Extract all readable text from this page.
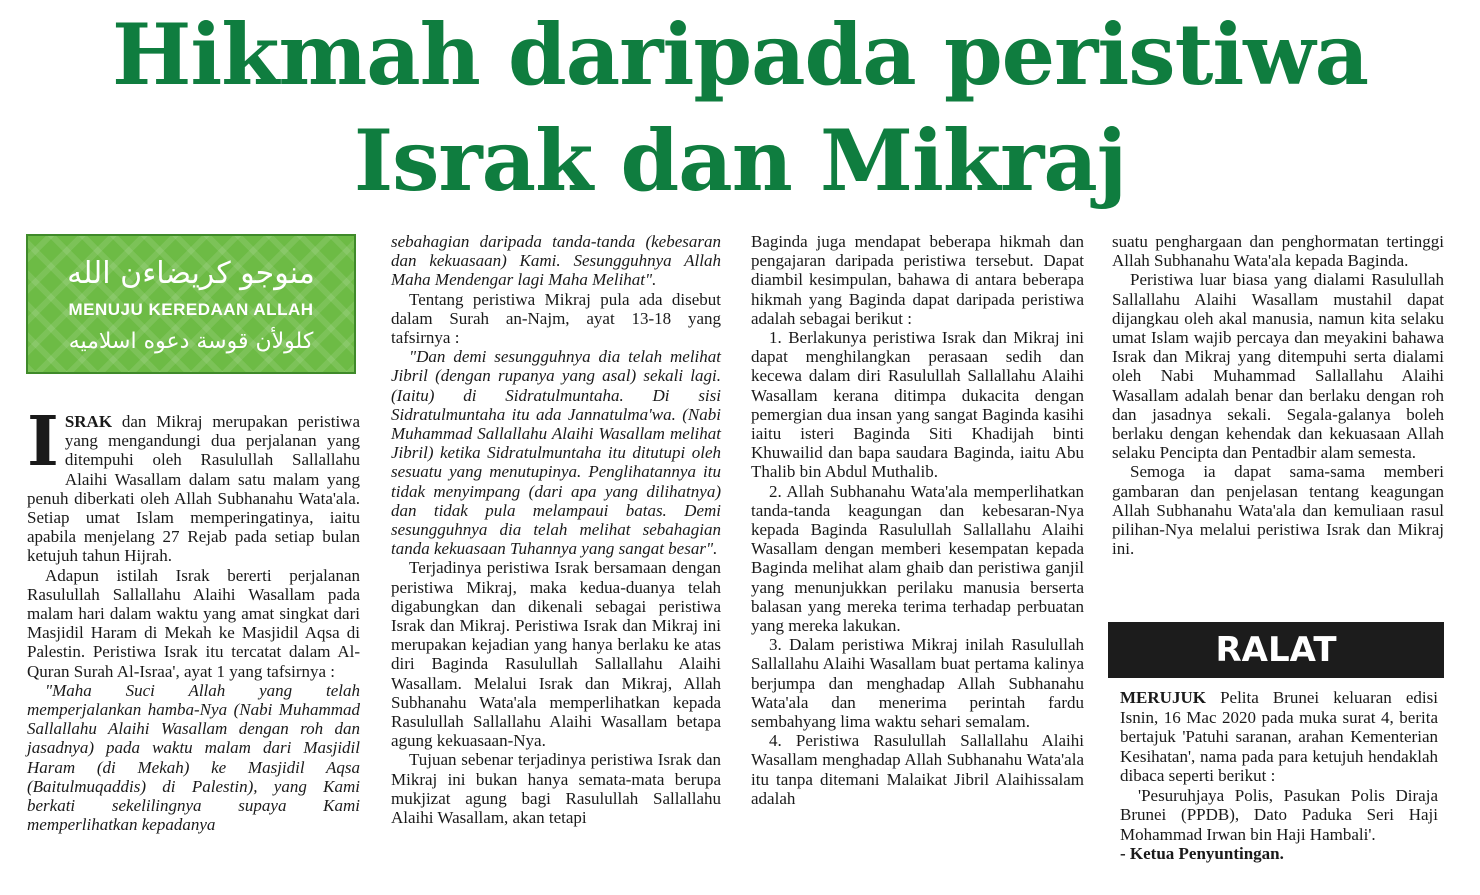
Hikmah daripada peristiwa
Israk dan Mikraj
منوجو كريضاءن الله
MENUJU KEREDAAN ALLAH
كلولأن قوسة دعوه اسلاميه

ISRAK dan Mikraj merupakan peristiwa yang mengandungi dua perjalanan yang ditempuhi oleh Rasulullah Sallallahu Alaihi Wasallam dalam satu malam yang penuh diberkati oleh Allah Subhanahu Wata'ala. Setiap umat Islam memperingatinya, iaitu apabila menjelang 27 Rejab pada setiap bulan ketujuh tahun Hijrah.

Adapun istilah Israk bererti perjalanan Rasulullah Sallallahu Alaihi Wasallam pada malam hari dalam waktu yang amat singkat dari Masjidil Haram di Mekah ke Masjidil Aqsa di Palestin. Peristiwa Israk itu tercatat dalam Al-Quran Surah Al-Israa', ayat 1 yang tafsirnya :

"Maha Suci Allah yang telah memperjalankan hamba-Nya (Nabi Muhammad Sallallahu Alaihi Wasallam dengan roh dan jasadnya) pada waktu malam dari Masjidil Haram (di Mekah) ke Masjidil Aqsa (Baitulmuqaddis) di Palestin), yang Kami berkati sekelilingnya supaya Kami memperlihatkan kepadanya

sebahagian daripada tanda-tanda (kebesaran dan kekuasaan) Kami. Sesungguhnya Allah Maha Mendengar lagi Maha Melihat".

Tentang peristiwa Mikraj pula ada disebut dalam Surah an-Najm, ayat 13-18 yang tafsirnya :

"Dan demi sesungguhnya dia telah melihat Jibril (dengan rupanya yang asal) sekali lagi. (Iaitu) di Sidratulmuntaha. Di sisi Sidratulmuntaha itu ada Jannatulma'wa. (Nabi Muhammad Sallallahu Alaihi Wasallam melihat Jibril) ketika Sidratulmuntaha itu ditutupi oleh sesuatu yang menutupinya. Penglihatannya itu tidak menyimpang (dari apa yang dilihatnya) dan tidak pula melampaui batas. Demi sesungguhnya dia telah melihat sebahagian tanda kekuasaan Tuhannya yang sangat besar".

Terjadinya peristiwa Israk bersamaan dengan peristiwa Mikraj, maka kedua-duanya telah digabungkan dan dikenali sebagai peristiwa Israk dan Mikraj. Peristiwa Israk dan Mikraj ini merupakan kejadian yang hanya berlaku ke atas diri Baginda Rasulullah Sallallahu Alaihi Wasallam. Melalui Israk dan Mikraj, Allah Subhanahu Wata'ala memperlihatkan kepada Rasulullah Sallallahu Alaihi Wasallam betapa agung kekuasaan-Nya.

Tujuan sebenar terjadinya peristiwa Israk dan Mikraj ini bukan hanya semata-mata berupa mukjizat agung bagi Rasulullah Sallallahu Alaihi Wasallam, akan tetapi

Baginda juga mendapat beberapa hikmah dan pengajaran daripada peristiwa tersebut. Dapat diambil kesimpulan, bahawa di antara beberapa hikmah yang Baginda dapat daripada peristiwa adalah sebagai berikut :

1. Berlakunya peristiwa Israk dan Mikraj ini dapat menghilangkan perasaan sedih dan kecewa dalam diri Rasulullah Sallallahu Alaihi Wasallam kerana ditimpa dukacita dengan pemergian dua insan yang sangat Baginda kasihi iaitu isteri Baginda Siti Khadijah binti Khuwailid dan bapa saudara Baginda, iaitu Abu Thalib bin Abdul Muthalib.

2. Allah Subhanahu Wata'ala memperlihatkan tanda-tanda keagungan dan kebesaran-Nya kepada Baginda Rasulullah Sallallahu Alaihi Wasallam dengan memberi kesempatan kepada Baginda melihat alam ghaib dan peristiwa ganjil yang menunjukkan perilaku manusia berserta balasan yang mereka terima terhadap perbuatan yang mereka lakukan.

3. Dalam peristiwa Mikraj inilah Rasulullah Sallallahu Alaihi Wasallam buat pertama kalinya berjumpa dan menghadap Allah Subhanahu Wata'ala dan menerima perintah fardu sembahyang lima waktu sehari semalam.

4. Peristiwa Rasulullah Sallallahu Alaihi Wasallam menghadap Allah Subhanahu Wata'ala itu tanpa ditemani Malaikat Jibril Alaihissalam adalah

suatu penghargaan dan penghormatan tertinggi Allah Subhanahu Wata'ala kepada Baginda.

Peristiwa luar biasa yang dialami Rasulullah Sallallahu Alaihi Wasallam mustahil dapat dijangkau oleh akal manusia, namun kita selaku umat Islam wajib percaya dan meyakini bahawa Israk dan Mikraj yang ditempuhi serta dialami oleh Nabi Muhammad Sallallahu Alaihi Wasallam adalah benar dan berlaku dengan roh dan jasadnya sekali. Segala-galanya boleh berlaku dengan kehendak dan kekuasaan Allah selaku Pencipta dan Pentadbir alam semesta.

Semoga ia dapat sama-sama memberi gambaran dan penjelasan tentang keagungan Allah Subhanahu Wata'ala dan kemuliaan rasul pilihan-Nya melalui peristiwa Israk dan Mikraj ini.

RALAT

MERUJUK Pelita Brunei keluaran edisi Isnin, 16 Mac 2020 pada muka surat 4, berita bertajuk 'Patuhi saranan, arahan Kementerian Kesihatan', nama pada para ketujuh hendaklah dibaca seperti berikut :

'Pesuruhjaya Polis, Pasukan Polis Diraja Brunei (PPDB), Dato Paduka Seri Haji Mohammad Irwan bin Haji Hambali'.

- Ketua Penyuntingan.
